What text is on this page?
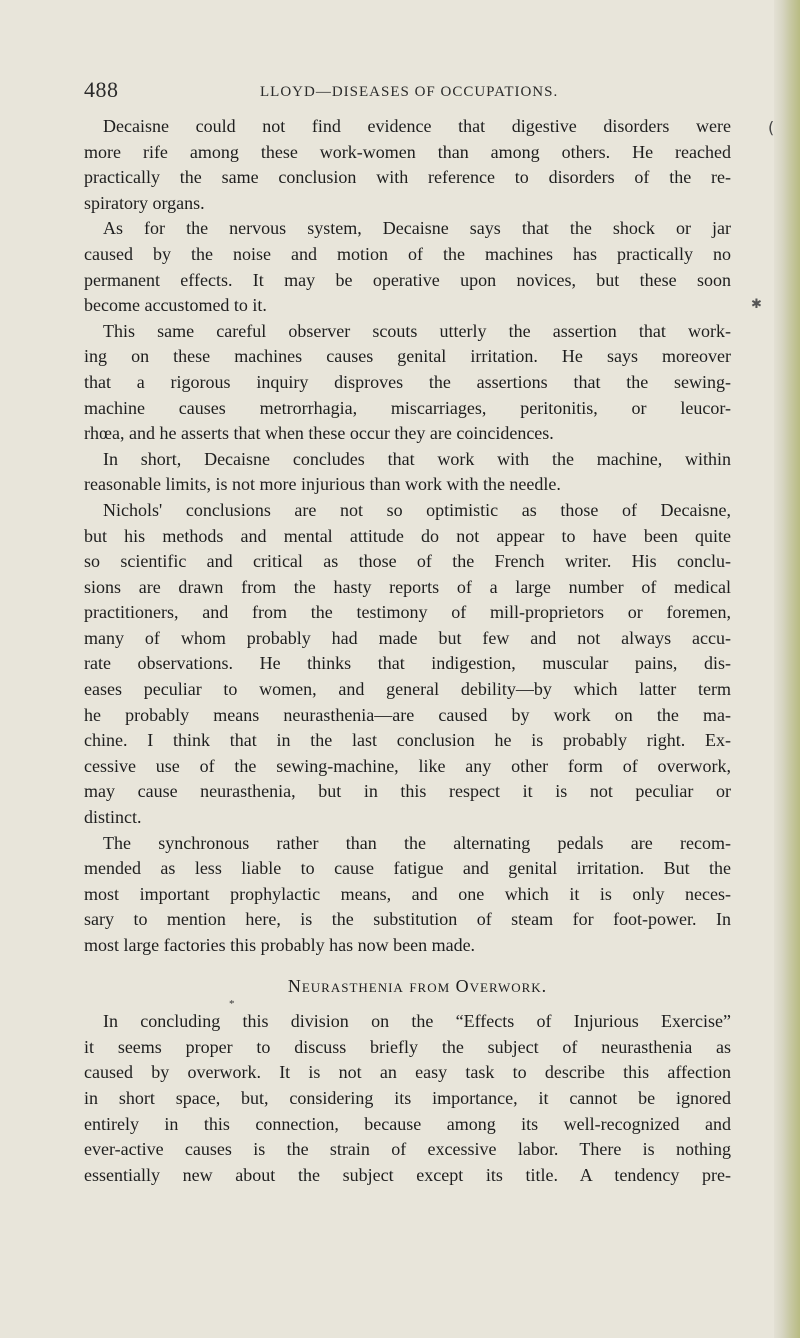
488	LLOYD—DISEASES OF OCCUPATIONS.
Decaisne could not find evidence that digestive disorders were
more rife among these work-women than among others. He reached
practically the same conclusion with reference to disorders of the re-
spiratory organs.
As for the nervous system, Decaisne says that the shock or jar
caused by the noise and motion of the machines has practically no
permanent effects. It may be operative upon novices, but these soon
become accustomed to it.
This same careful observer scouts utterly the assertion that work-
ing on these machines causes genital irritation. He says moreover
that a rigorous inquiry disproves the assertions that the sewing-
machine causes metrorrhagia, miscarriages, peritonitis, or leucor-
rhœa, and he asserts that when these occur they are coincidences.
In short, Decaisne concludes that work with the machine, within
reasonable limits, is not more injurious than work with the needle.
Nichols' conclusions are not so optimistic as those of Decaisne,
but his methods and mental attitude do not appear to have been quite
so scientific and critical as those of the French writer. His conclu-
sions are drawn from the hasty reports of a large number of medical
practitioners, and from the testimony of mill-proprietors or foremen,
many of whom probably had made but few and not always accu-
rate observations. He thinks that indigestion, muscular pains, dis-
eases peculiar to women, and general debility—by which latter term
he probably means neurasthenia—are caused by work on the ma-
chine. I think that in the last conclusion he is probably right. Ex-
cessive use of the sewing-machine, like any other form of overwork,
may cause neurasthenia, but in this respect it is not peculiar or
distinct.
The synchronous rather than the alternating pedals are recom-
mended as less liable to cause fatigue and genital irritation. But the
most important prophylactic means, and one which it is only neces-
sary to mention here, is the substitution of steam for foot-power. In
most large factories this probably has now been made.
Neurasthenia from Overwork.
*
In concluding this division on the “Effects of Injurious Exercise”
it seems proper to discuss briefly the subject of neurasthenia as
caused by overwork. It is not an easy task to describe this affection
in short space, but, considering its importance, it cannot be ignored
entirely in this connection, because among its well-recognized and
ever-active causes is the strain of excessive labor. There is nothing
essentially new about the subject except its title. A tendency pre-
✱
(
